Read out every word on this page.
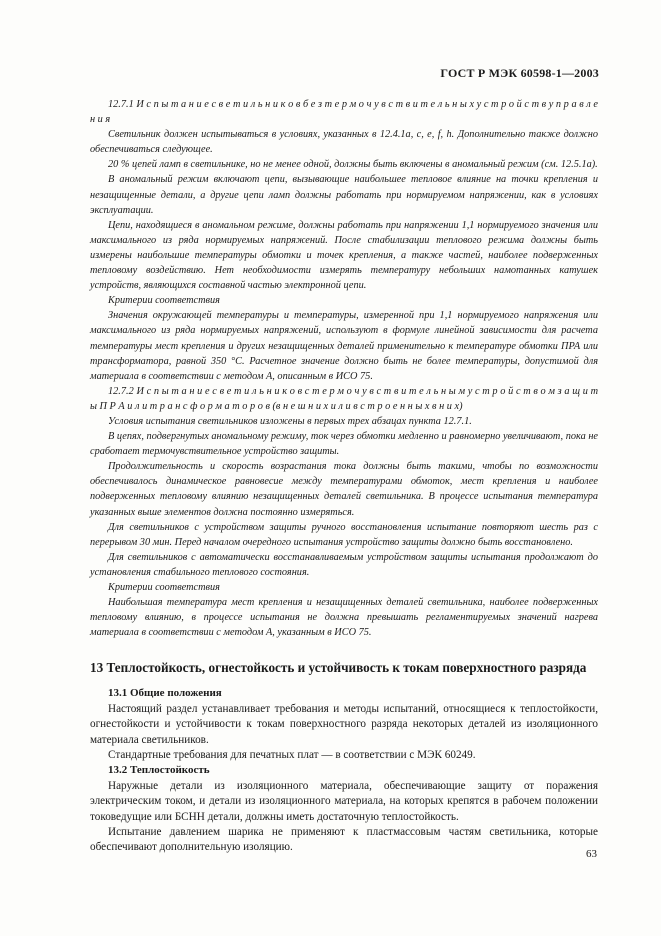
ГОСТ Р МЭК 60598-1—2003

12.7.1 И с п ы т а н и е с в е т и л ь н и к о в б е з т е р м о ч у в с т в и т е л ь н ы х у с т р о й с т в у п р а в л е н и я

Светильник должен испытываться в условиях, указанных в 12.4.1а, с, е, f, h. Дополнительно также должно обеспечиваться следующее.

20 % цепей ламп в светильнике, но не менее одной, должны быть включены в аномальный режим (см. 12.5.1а).

В аномальный режим включают цепи, вызывающие наибольшее тепловое влияние на точки крепления и незащищенные детали, а другие цепи ламп должны работать при нормируемом напряжении, как в условиях эксплуатации.

Цепи, находящиеся в аномальном режиме, должны работать при напряжении 1,1 нормируемого значения или максимального из ряда нормируемых напряжений. После стабилизации теплового режима должны быть измерены наибольшие температуры обмотки и точек крепления, а также частей, наиболее подверженных тепловому воздействию. Нет необходимости измерять температуру небольших намотанных катушек устройств, являющихся составной частью электронной цепи.

Критерии соответствия

Значения окружающей температуры и температуры, измеренной при 1,1 нормируемого напряжения или максимального из ряда нормируемых напряжений, используют в формуле линейной зависимости для расчета температуры мест крепления и других незащищенных деталей применительно к температуре обмотки ПРА или трансформатора, равной 350 °С. Расчетное значение должно быть не более температуры, допустимой для материала в соответствии с методом А, описанным в ИСО 75.

12.7.2 И с п ы т а н и е с в е т и л ь н и к о в с т е р м о ч у в с т в и т е л ь н ы м у с т р о й с т в о м з а щ и т ы П Р А и л и т р а н с ф о р м а т о р о в (в н е ш н и х и л и в с т р о е н н ы х в н и х)

Условия испытания светильников изложены в первых трех абзацах пункта 12.7.1.

В цепях, подвергнутых аномальному режиму, ток через обмотки медленно и равномерно увеличивают, пока не сработает термочувствительное устройство защиты.

Продолжительность и скорость возрастания тока должны быть такими, чтобы по возможности обеспечивалось динамическое равновесие между температурами обмоток, мест крепления и наиболее подверженных тепловому влиянию незащищенных деталей светильника. В процессе испытания температура указанных выше элементов должна постоянно измеряться.

Для светильников с устройством защиты ручного восстановления испытание повторяют шесть раз с перерывом 30 мин. Перед началом очередного испытания устройство защиты должно быть восстановлено.

Для светильников с автоматически восстанавливаемым устройством защиты испытания продолжают до установления стабильного теплового состояния.

Критерии соответствия

Наибольшая температура мест крепления и незащищенных деталей светильника, наиболее подверженных тепловому влиянию, в процессе испытания не должна превышать регламентируемых значений нагрева материала в соответствии с методом А, указанным в ИСО 75.

13 Теплостойкость, огнестойкость и устойчивость к токам поверхностного разряда

13.1 Общие положения

Настоящий раздел устанавливает требования и методы испытаний, относящиеся к теплостойкости, огнестойкости и устойчивости к токам поверхностного разряда некоторых деталей из изоляционного материала светильников.

Стандартные требования для печатных плат — в соответствии с МЭК 60249.

13.2 Теплостойкость

Наружные детали из изоляционного материала, обеспечивающие защиту от поражения электрическим током, и детали из изоляционного материала, на которых крепятся в рабочем положении токоведущие или БСНН детали, должны иметь достаточную теплостойкость.

Испытание давлением шарика не применяют к пластмассовым частям светильника, которые обеспечивают дополнительную изоляцию.

63
